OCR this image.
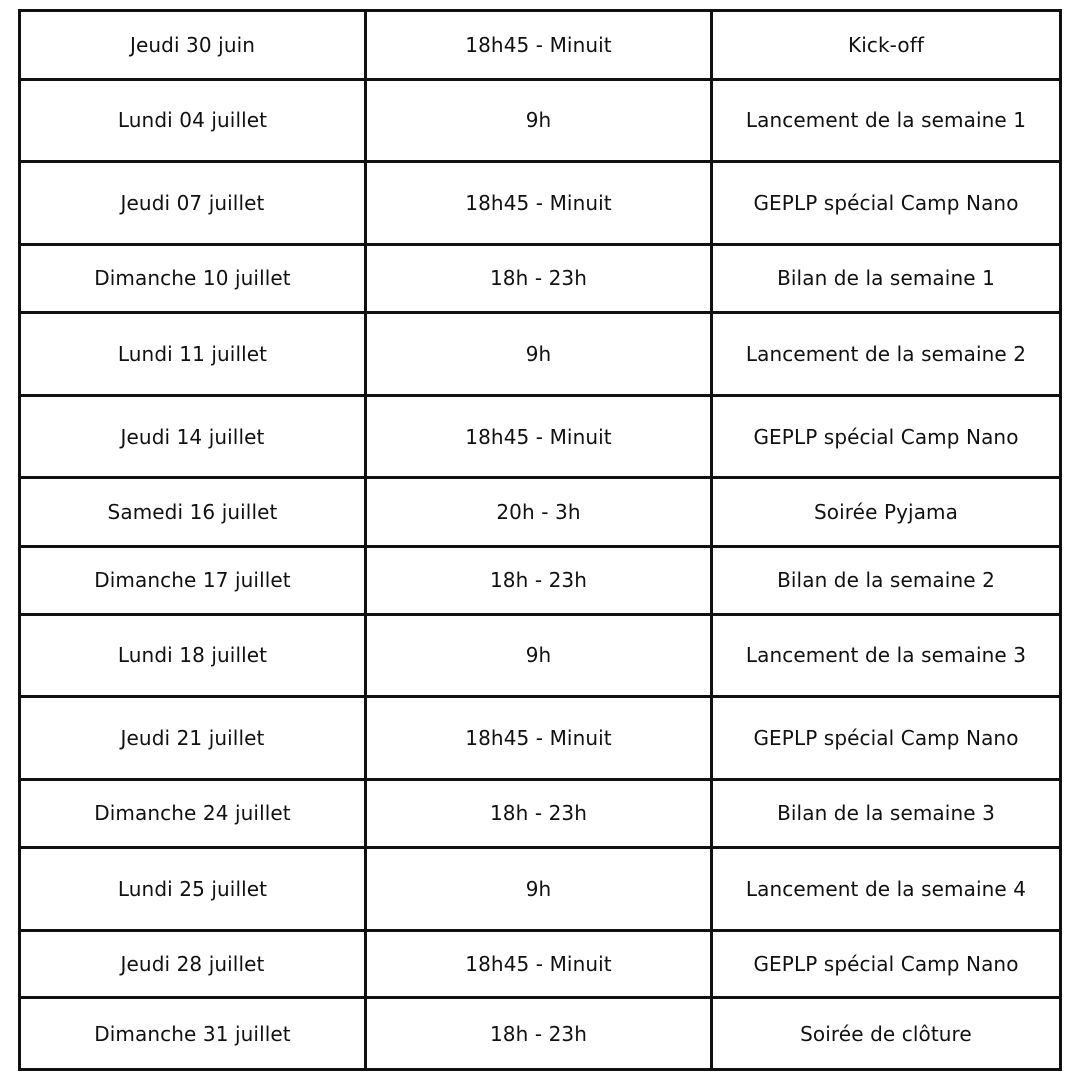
Jeudi 30 juin	18h45 - Minuit	Kick-off
Lundi 04 juillet	9h	Lancement de la semaine 1
Jeudi 07 juillet	18h45 - Minuit	GEPLP spécial Camp Nano
Dimanche 10 juillet	18h - 23h	Bilan de la semaine 1
Lundi 11 juillet	9h	Lancement de la semaine 2
Jeudi 14 juillet	18h45 - Minuit	GEPLP spécial Camp Nano
Samedi 16 juillet	20h - 3h	Soirée Pyjama
Dimanche 17 juillet	18h - 23h	Bilan de la semaine 2
Lundi 18 juillet	9h	Lancement de la semaine 3
Jeudi 21 juillet	18h45 - Minuit	GEPLP spécial Camp Nano
Dimanche 24 juillet	18h - 23h	Bilan de la semaine 3
Lundi 25 juillet	9h	Lancement de la semaine 4
Jeudi 28 juillet	18h45 - Minuit	GEPLP spécial Camp Nano
Dimanche 31 juillet	18h - 23h	Soirée de clôture
